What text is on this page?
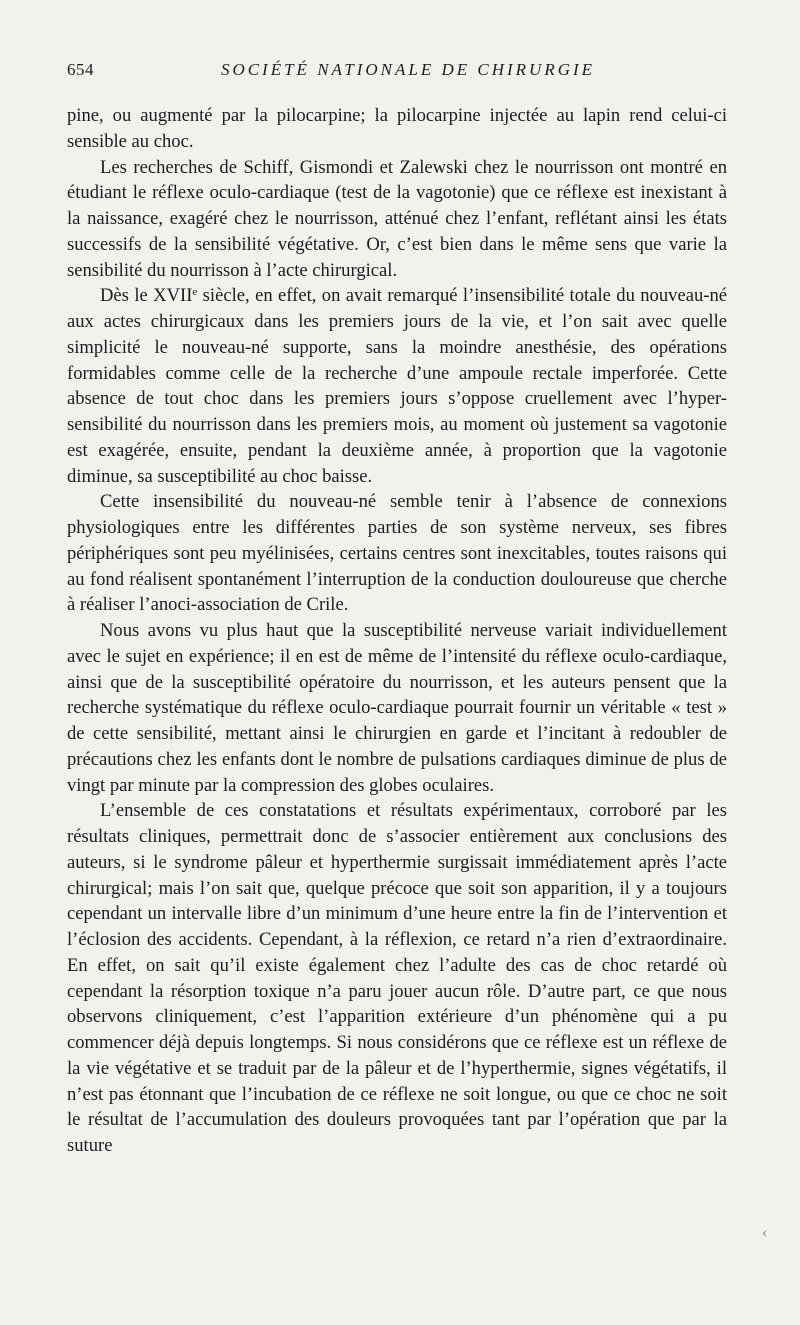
654	SOCIÉTÉ NATIONALE DE CHIRURGIE

pine, ou augmenté par la pilocarpine; la pilocarpine injectée au lapin rend celui-ci sensible au choc.

Les recherches de Schiff, Gismondi et Zalewski chez le nourrisson ont montré en étudiant le réflexe oculo-cardiaque (test de la vagotonie) que ce réflexe est inexistant à la naissance, exagéré chez le nourrisson, atténué chez l’enfant, reflétant ainsi les états successifs de la sensibilité végétative. Or, c’est bien dans le même sens que varie la sensibilité du nourrisson à l’acte chirurgical.

Dès le XVIIe siècle, en effet, on avait remarqué l’insensibilité totale du nouveau-né aux actes chirurgicaux dans les premiers jours de la vie, et l’on sait avec quelle simplicité le nouveau-né supporte, sans la moindre anesthésie, des opérations formidables comme celle de la recherche d’une ampoule rectale imperforée. Cette absence de tout choc dans les premiers jours s’oppose cruellement avec l’hyper-sensibilité du nourrisson dans les premiers mois, au moment où justement sa vagotonie est exagérée, ensuite, pendant la deuxième année, à proportion que la vagotonie diminue, sa susceptibilité au choc baisse.

Cette insensibilité du nouveau-né semble tenir à l’absence de connexions physiologiques entre les différentes parties de son système nerveux, ses fibres périphériques sont peu myélinisées, certains centres sont inexcitables, toutes raisons qui au fond réalisent spontanément l’interruption de la conduction douloureuse que cherche à réaliser l’anoci-association de Crile.

Nous avons vu plus haut que la susceptibilité nerveuse variait individuellement avec le sujet en expérience; il en est de même de l’intensité du réflexe oculo-cardiaque, ainsi que de la susceptibilité opératoire du nourrisson, et les auteurs pensent que la recherche systématique du réflexe oculo-cardiaque pourrait fournir un véritable « test » de cette sensibilité, mettant ainsi le chirurgien en garde et l’incitant à redoubler de précautions chez les enfants dont le nombre de pulsations cardiaques diminue de plus de vingt par minute par la compression des globes oculaires.

L’ensemble de ces constatations et résultats expérimentaux, corroboré par les résultats cliniques, permettrait donc de s’associer entièrement aux conclusions des auteurs, si le syndrome pâleur et hyperthermie surgissait immédiatement après l’acte chirurgical; mais l’on sait que, quelque précoce que soit son apparition, il y a toujours cependant un intervalle libre d’un minimum d’une heure entre la fin de l’intervention et l’éclosion des accidents. Cependant, à la réflexion, ce retard n’a rien d’extraordinaire. En effet, on sait qu’il existe également chez l’adulte des cas de choc retardé où cependant la résorption toxique n’a paru jouer aucun rôle. D’autre part, ce que nous observons cliniquement, c’est l’apparition extérieure d’un phénomène qui a pu commencer déjà depuis longtemps. Si nous considérons que ce réflexe est un réflexe de la vie végétative et se traduit par de la pâleur et de l’hyperthermie, signes végétatifs, il n’est pas étonnant que l’incubation de ce réflexe ne soit longue, ou que ce choc ne soit le résultat de l’accumulation des douleurs provoquées tant par l’opération que par la suture

‹
